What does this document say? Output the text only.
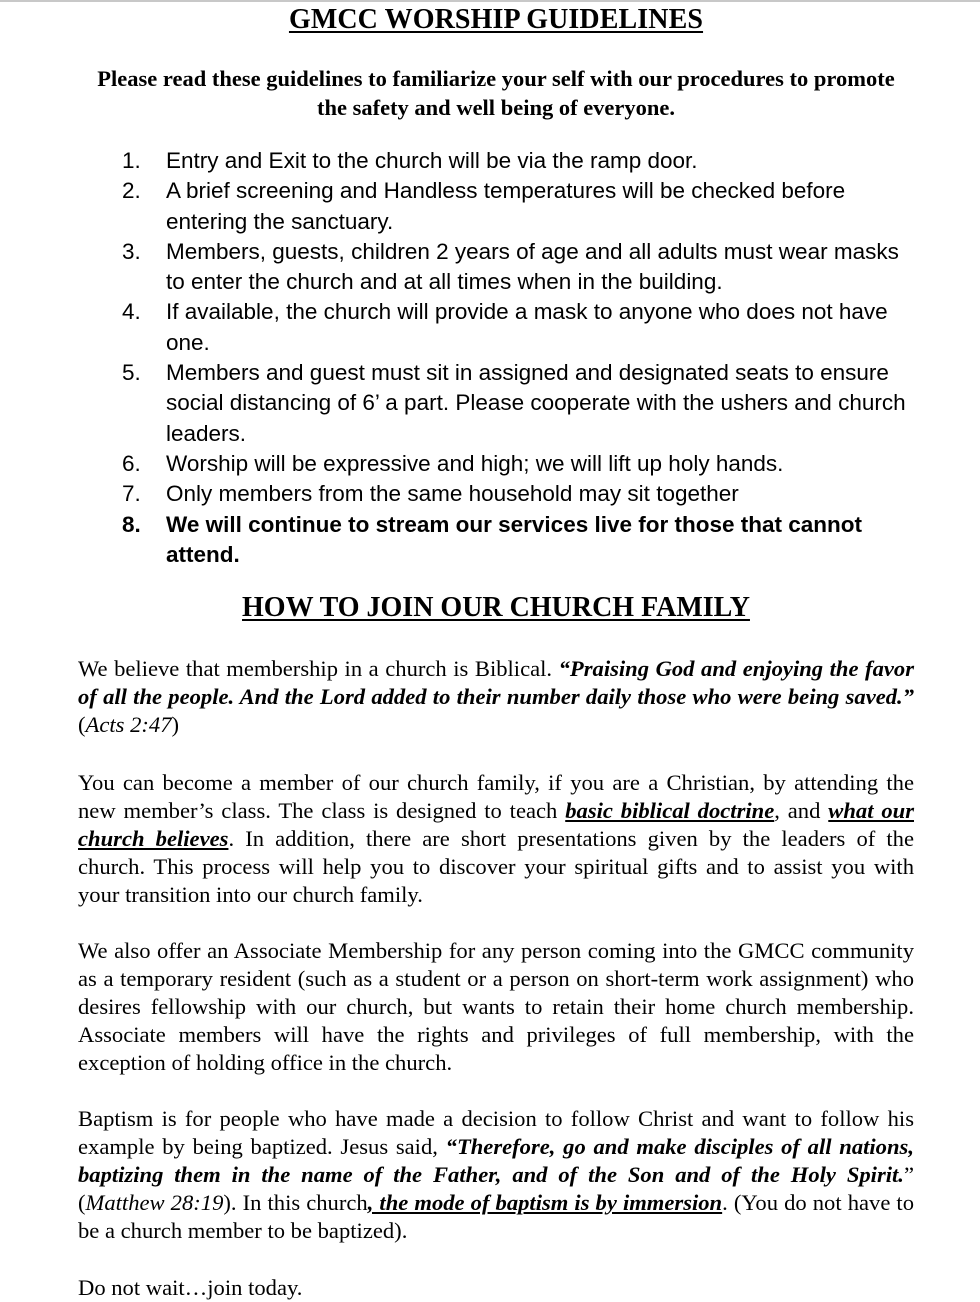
GMCC WORSHIP GUIDELINES
Please read these guidelines to familiarize your self with our procedures to promote the safety and well being of everyone.
1. Entry and Exit to the church will be via the ramp door.
2. A brief screening and Handless temperatures will be checked before entering the sanctuary.
3. Members, guests, children 2 years of age and all adults must wear masks to enter the church and at all times when in the building.
4. If available, the church will provide a mask to anyone who does not have one.
5. Members and guest must sit in assigned and designated seats to ensure social distancing of 6’ a part. Please cooperate with the ushers and church leaders.
6. Worship will be expressive and high; we will lift up holy hands.
7. Only members from the same household may sit together
8. We will continue to stream our services live for those that cannot attend.
HOW TO JOIN OUR CHURCH FAMILY

We believe that membership in a church is Biblical. “Praising God and enjoying the favor of all the people. And the Lord added to their number daily those who were being saved.” (Acts 2:47)

You can become a member of our church family, if you are a Christian, by attending the new member’s class. The class is designed to teach basic biblical doctrine, and what our church believes. In addition, there are short presentations given by the leaders of the church. This process will help you to discover your spiritual gifts and to assist you with your transition into our church family.

We also offer an Associate Membership for any person coming into the GMCC community as a temporary resident (such as a student or a person on short-term work assignment) who desires fellowship with our church, but wants to retain their home church membership. Associate members will have the rights and privileges of full membership, with the exception of holding office in the church.

Baptism is for people who have made a decision to follow Christ and want to follow his example by being baptized. Jesus said, “Therefore, go and make disciples of all nations, baptizing them in the name of the Father, and of the Son and of the Holy Spirit.” (Matthew 28:19). In this church, the mode of baptism is by immersion. (You do not have to be a church member to be baptized).

Do not wait…join today.
